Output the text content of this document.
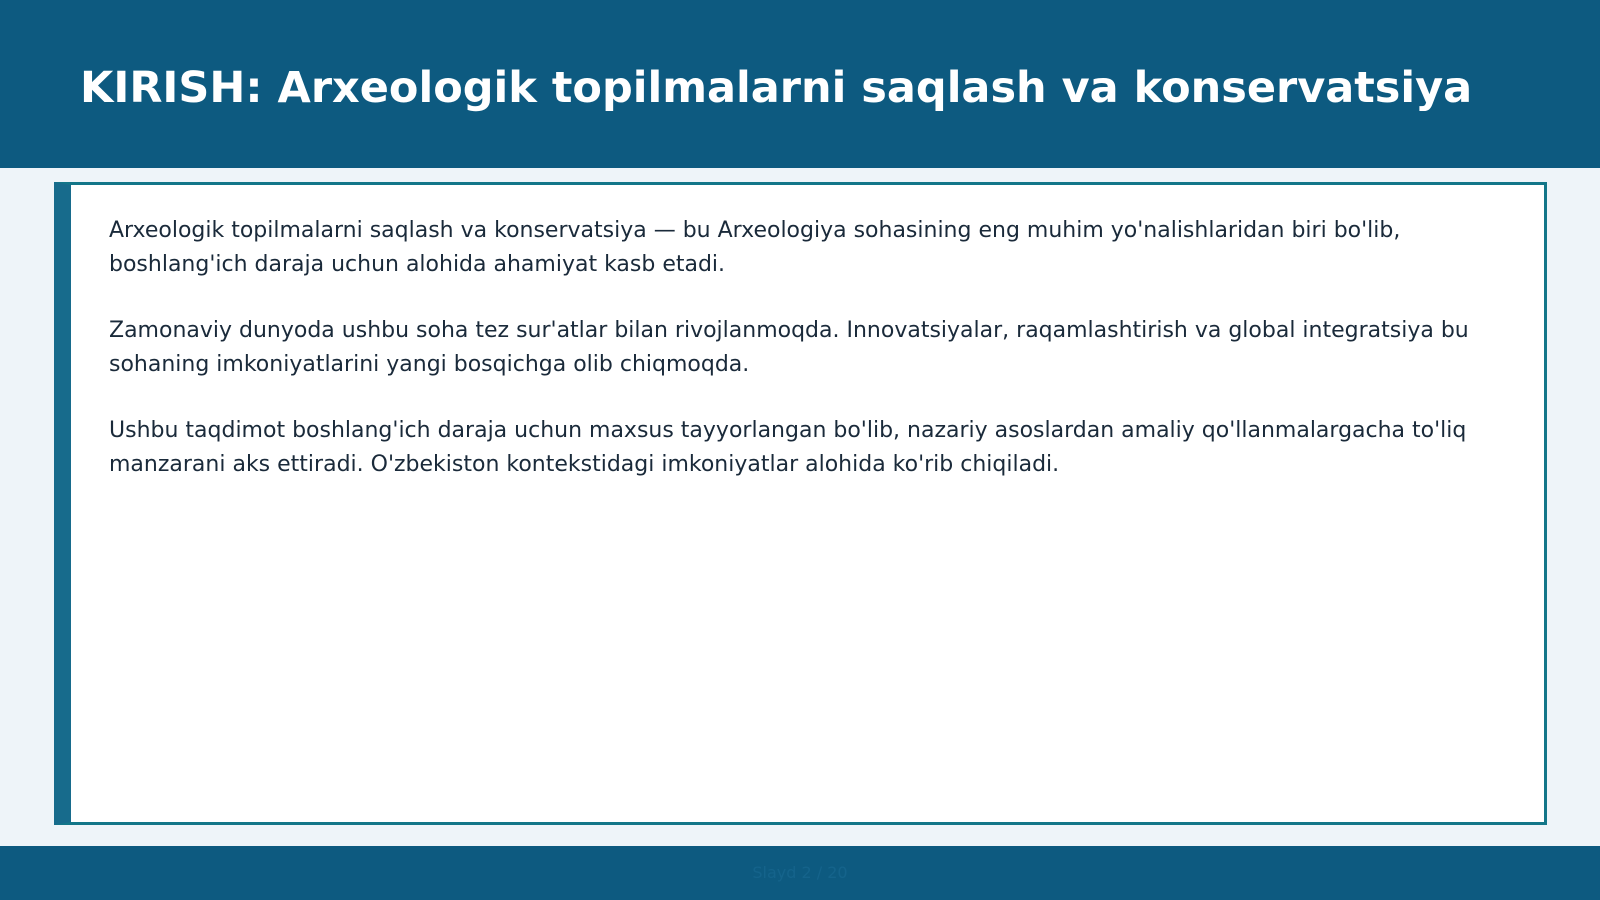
KIRISH: Arxeologik topilmalarni saqlash va konservatsiya

Arxeologik topilmalarni saqlash va konservatsiya — bu Arxeologiya sohasining eng muhim yo'nalishlaridan biri bo'lib, boshlang'ich daraja uchun alohida ahamiyat kasb etadi.

Zamonaviy dunyoda ushbu soha tez sur'atlar bilan rivojlanmoqda. Innovatsiyalar, raqamlashtirish va global integratsiya bu sohaning imkoniyatlarini yangi bosqichga olib chiqmoqda.

Ushbu taqdimot boshlang'ich daraja uchun maxsus tayyorlangan bo'lib, nazariy asoslardan amaliy qo'llanmalargacha to'liq manzarani aks ettiradi. O'zbekiston kontekstidagi imkoniyatlar alohida ko'rib chiqiladi.

Slayd 2 / 20
